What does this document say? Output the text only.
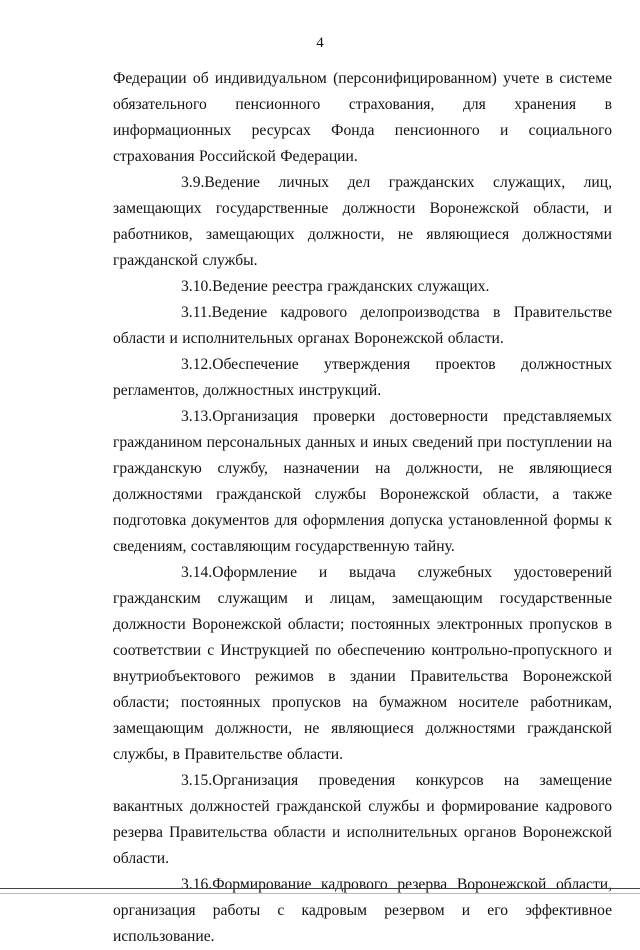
4

Федерации об индивидуальном (персонифицированном) учете в системе обязательного пенсионного страхования, для хранения в информационных ресурсах Фонда пенсионного и социального страхования Российской Федерации.

3.9.Ведение личных дел гражданских служащих, лиц, замещающих государственные должности Воронежской области, и работников, замещающих должности, не являющиеся должностями гражданской службы.

3.10.Ведение реестра гражданских служащих.

3.11.Ведение кадрового делопроизводства в Правительстве области и исполнительных органах Воронежской области.

3.12.Обеспечение утверждения проектов должностных регламентов, должностных инструкций.

3.13.Организация проверки достоверности представляемых гражданином персональных данных и иных сведений при поступлении на гражданскую службу, назначении на должности, не являющиеся должностями гражданской службы Воронежской области, а также подготовка документов для оформления допуска установленной формы к сведениям, составляющим государственную тайну.

3.14.Оформление и выдача служебных удостоверений гражданским служащим и лицам, замещающим государственные должности Воронежской области; постоянных электронных пропусков в соответствии с Инструкцией по обеспечению контрольно-пропускного и внутриобъектового режимов в здании Правительства Воронежской области; постоянных пропусков на бумажном носителе работникам, замещающим должности, не являющиеся должностями гражданской службы, в Правительстве области.

3.15.Организация проведения конкурсов на замещение вакантных должностей гражданской службы и формирование кадрового резерва Правительства области и исполнительных органов Воронежской области.

3.16.Формирование кадрового резерва Воронежской области, организация работы с кадровым резервом и его эффективное использование.
